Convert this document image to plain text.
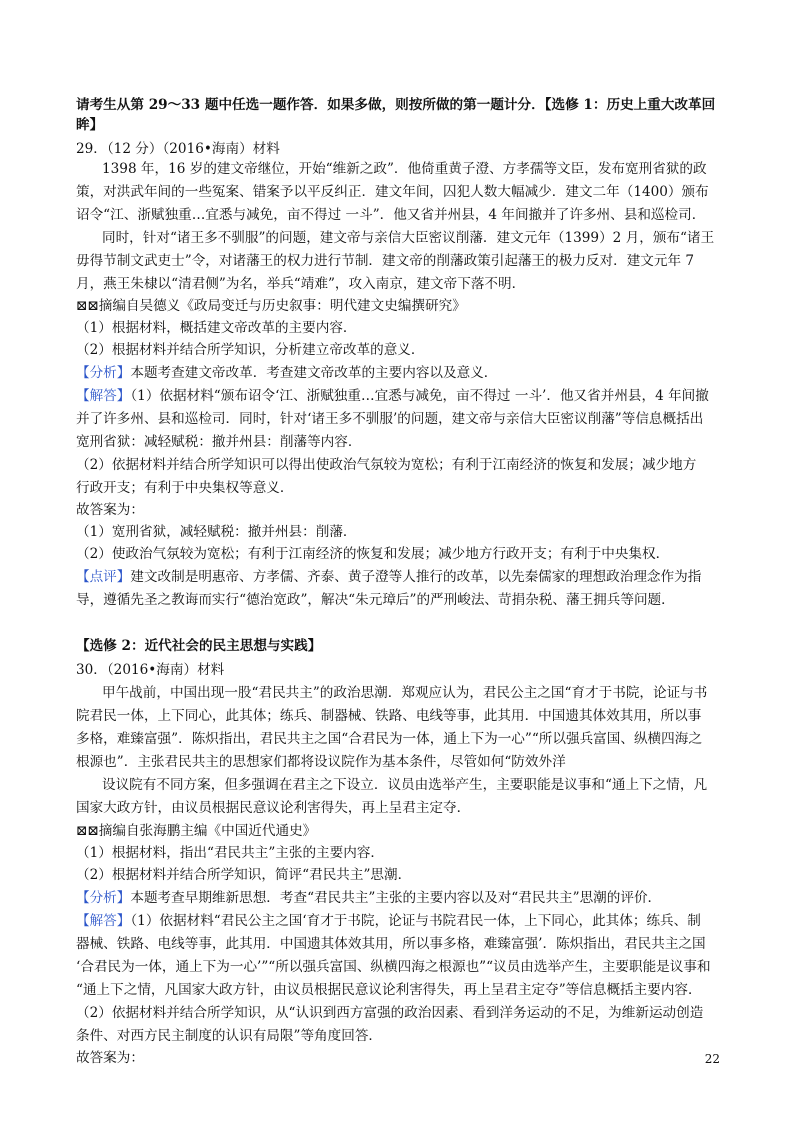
请考生从第 29～33 题中任选一题作答．如果多做，则按所做的第一题计分．【选修 1：历史上重大改革回
眸】
29．（12 分）（2016•海南）材料
1398 年，16 岁的建文帝继位，开始“维新之政”．他倚重黄子澄、方孝孺等文臣，发布宽刑省狱的政
策，对洪武年间的一些冤案、错案予以平反纠正．建文年间，囚犯人数大幅减少．建文二年（1400）颁布
诏令“江、浙赋独重…宜悉与减免，亩不得过 一斗”．他又省并州县，4 年间撤并了许多州、县和巡检司．
同时，针对“诸王多不驯服”的问题，建文帝与亲信大臣密议削藩．建文元年（1399）2 月，颁布“诸王
毋得节制文武吏士”令，对诸藩王的权力进行节制．建文帝的削藩政策引起藩王的极力反对．建文元年 7
月，燕王朱棣以“清君侧”为名，举兵“靖难”，攻入南京，建文帝下落不明．
⊠⊠摘编自吴德义《政局变迁与历史叙事：明代建文史编撰研究》
（1）根据材料，概括建文帝改革的主要内容．
（2）根据材料并结合所学知识，分析建立帝改革的意义．
【分析】本题考查建文帝改革．考查建文帝改革的主要内容以及意义．
【解答】（1）依据材料“颁布诏令‘江、浙赋独重…宜悉与减免，亩不得过 一斗’．他又省并州县，4 年间撤
并了许多州、县和巡检司．同时，针对‘诸王多不驯服’的问题，建文帝与亲信大臣密议削藩”等信息概括出
宽刑省狱：减轻赋税：撤并州县：削藩等内容．
（2）依据材料并结合所学知识可以得出使政治气氛较为宽松；有利于江南经济的恢复和发展；减少地方
行政开支；有利于中央集权等意义．
故答案为：
（1）宽刑省狱，减轻赋税：撤并州县：削藩．
（2）使政治气氛较为宽松；有利于江南经济的恢复和发展；减少地方行政开支；有利于中央集权．
【点评】建文改制是明惠帝、方孝儒、齐泰、黄子澄等人推行的改革，以先秦儒家的理想政治理念作为指
导，遵循先圣之教诲而实行“德治宽政”，解决“朱元璋后”的严刑峻法、苛捐杂税、藩王拥兵等问题．
【选修 2：近代社会的民主思想与实践】
30．（2016•海南）材料
甲午战前，中国出现一股“君民共主”的政治思潮．郑观应认为，君民公主之国“育才于书院，论证与书
院君民一体，上下同心，此其体；练兵、制器械、铁路、电线等事，此其用．中国遗其体效其用，所以事
多格，难臻富强”．陈炽指出，君民共主之国“合君民为一体，通上下为一心”“所以强兵富国、纵横四海之
根源也”．主张君民共主的思想家们都将设议院作为基本条件，尽管如何“防效外洋
设议院有不同方案，但多强调在君主之下设立．议员由选举产生，主要职能是议事和“通上下之情，凡
国家大政方针，由议员根据民意议论利害得失，再上呈君主定夺．
⊠⊠摘编自张海鹏主编《中国近代通史》
（1）根据材料，指出“君民共主”主张的主要内容．
（2）根据材料并结合所学知识，简评“君民共主”思潮．
【分析】本题考查早期维新思想．考查“君民共主”主张的主要内容以及对“君民共主”思潮的评价．
【解答】（1）依据材料“君民公主之国‘育才于书院，论证与书院君民一体，上下同心，此其体；练兵、制
器械、铁路、电线等事，此其用．中国遗其体效其用，所以事多格，难臻富强’．陈炽指出，君民共主之国
‘合君民为一体，通上下为一心’”“所以强兵富国、纵横四海之根源也”“议员由选举产生，主要职能是议事和
“通上下之情，凡国家大政方针，由议员根据民意议论利害得失，再上呈君主定夺”等信息概括主要内容．
（2）依据材料并结合所学知识，从“认识到西方富强的政治因素、看到洋务运动的不足，为维新运动创造
条件、对西方民主制度的认识有局限”等角度回答．
故答案为：	22
